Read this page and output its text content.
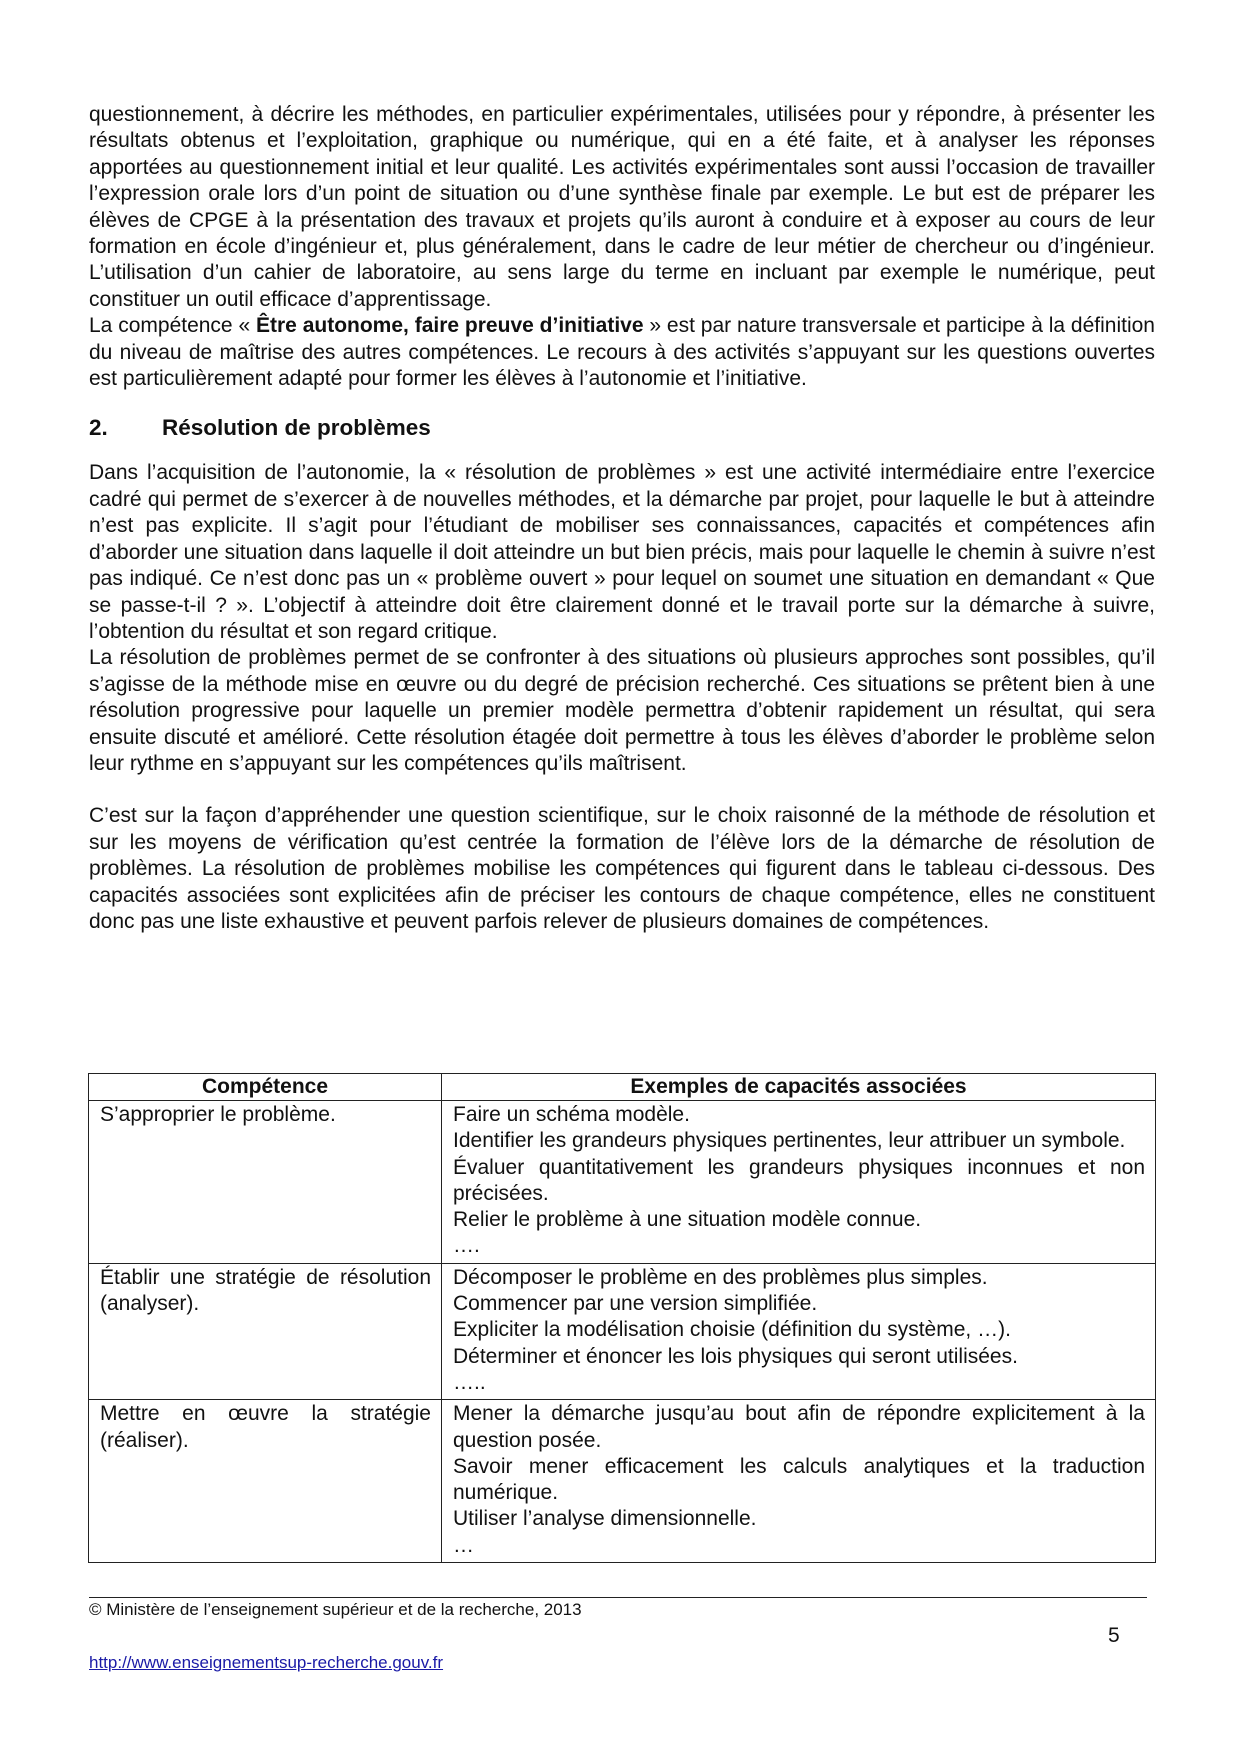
questionnement, à décrire les méthodes, en particulier expérimentales, utilisées pour y répondre, à présenter les résultats obtenus et l’exploitation, graphique ou numérique, qui en a été faite, et à analyser les réponses apportées au questionnement initial et leur qualité. Les activités expérimentales sont aussi l’occasion de travailler l’expression orale lors d’un point de situation ou d’une synthèse finale par exemple. Le but est de préparer les élèves de CPGE à la présentation des travaux et projets qu’ils auront à conduire et à exposer au cours de leur formation en école d’ingénieur et, plus généralement, dans le cadre de leur métier de chercheur ou d’ingénieur. L’utilisation d’un cahier de laboratoire, au sens large du terme en incluant par exemple le numérique, peut constituer un outil efficace d’apprentissage.

La compétence « Être autonome, faire preuve d’initiative » est par nature transversale et participe à la définition du niveau de maîtrise des autres compétences. Le recours à des activités s’appuyant sur les questions ouvertes est particulièrement adapté pour former les élèves à l’autonomie et l’initiative.

2. Résolution de problèmes

Dans l’acquisition de l’autonomie, la « résolution de problèmes » est une activité intermédiaire entre l’exercice cadré qui permet de s’exercer à de nouvelles méthodes, et la démarche par projet, pour laquelle le but à atteindre n’est pas explicite. Il s’agit pour l’étudiant de mobiliser ses connaissances, capacités et compétences afin d’aborder une situation dans laquelle il doit atteindre un but bien précis, mais pour laquelle le chemin à suivre n’est pas indiqué. Ce n’est donc pas un « problème ouvert » pour lequel on soumet une situation en demandant « Que se passe-t-il ? ». L’objectif à atteindre doit être clairement donné et le travail porte sur la démarche à suivre, l’obtention du résultat et son regard critique.

La résolution de problèmes permet de se confronter à des situations où plusieurs approches sont possibles, qu’il s’agisse de la méthode mise en œuvre ou du degré de précision recherché. Ces situations se prêtent bien à une résolution progressive pour laquelle un premier modèle permettra d’obtenir rapidement un résultat, qui sera ensuite discuté et amélioré. Cette résolution étagée doit permettre à tous les élèves d’aborder le problème selon leur rythme en s’appuyant sur les compétences qu’ils maîtrisent.

C’est sur la façon d’appréhender une question scientifique, sur le choix raisonné de la méthode de résolution et sur les moyens de vérification qu’est centrée la formation de l’élève lors de la démarche de résolution de problèmes. La résolution de problèmes mobilise les compétences qui figurent dans le tableau ci-dessous. Des capacités associées sont explicitées afin de préciser les contours de chaque compétence, elles ne constituent donc pas une liste exhaustive et peuvent parfois relever de plusieurs domaines de compétences.

Compétence	Exemples de capacités associées
S’approprier le problème.	Faire un schéma modèle.
Identifier les grandeurs physiques pertinentes, leur attribuer un symbole.
Évaluer quantitativement les grandeurs physiques inconnues et non précisées.
Relier le problème à une situation modèle connue.
….

Établir une stratégie de résolution (analyser).	Décomposer le problème en des problèmes plus simples.
Commencer par une version simplifiée.
Expliciter la modélisation choisie (définition du système, …).
Déterminer et énoncer les lois physiques qui seront utilisées.
…..

Mettre en œuvre la stratégie (réaliser).	Mener la démarche jusqu’au bout afin de répondre explicitement à la question posée.
Savoir mener efficacement les calculs analytiques et la traduction numérique.
Utiliser l’analyse dimensionnelle.
…
© Ministère de l’enseignement supérieur et de la recherche, 2013
5
http://www.enseignementsup-recherche.gouv.fr
